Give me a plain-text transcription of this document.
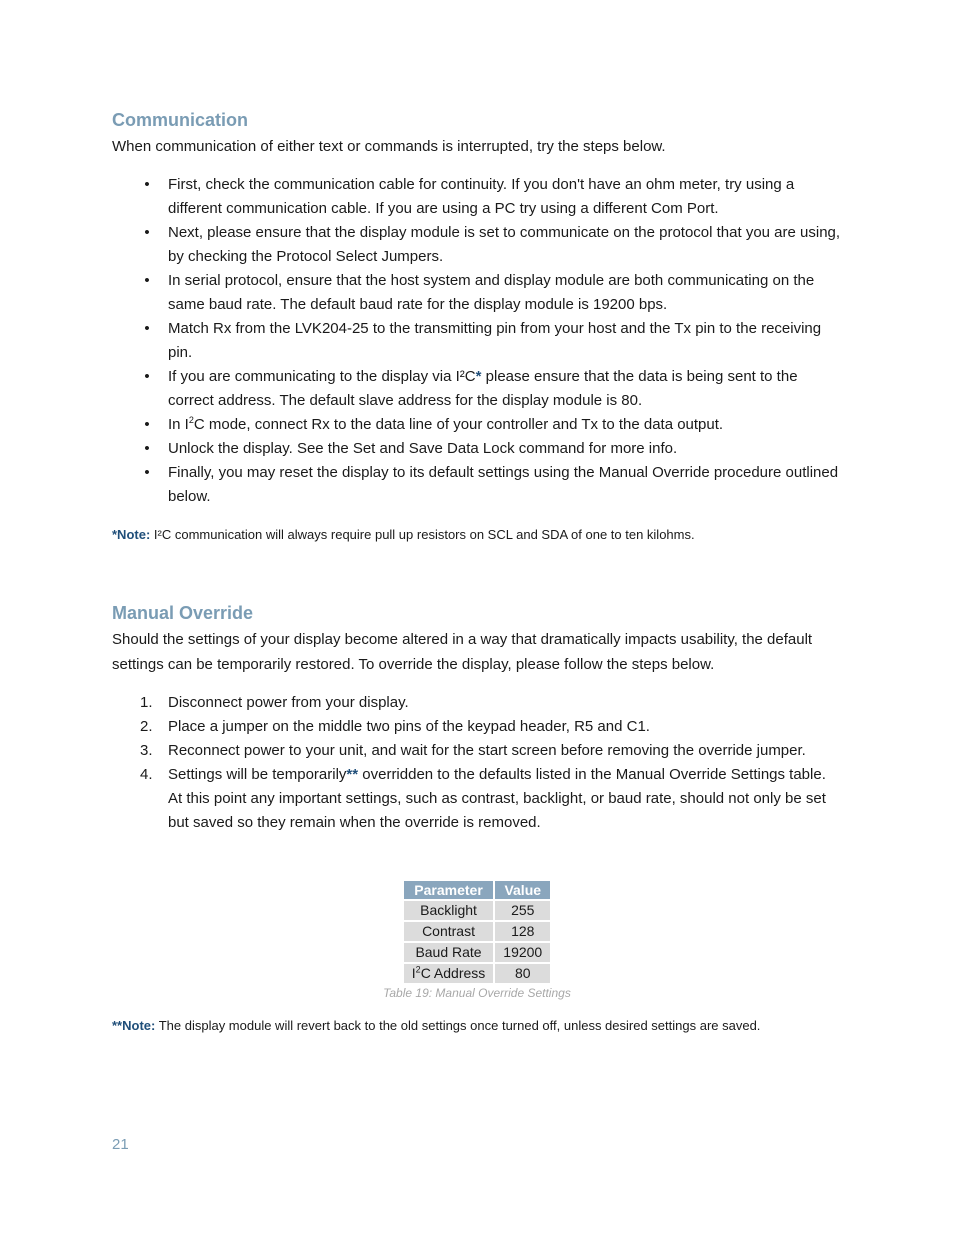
Communication

When communication of either text or commands is interrupted, try the steps below.

• First, check the communication cable for continuity. If you don't have an ohm meter, try using a different communication cable. If you are using a PC try using a different Com Port.
• Next, please ensure that the display module is set to communicate on the protocol that you are using, by checking the Protocol Select Jumpers.
• In serial protocol, ensure that the host system and display module are both communicating on the same baud rate. The default baud rate for the display module is 19200 bps.
• Match Rx from the LVK204-25 to the transmitting pin from your host and the Tx pin to the receiving pin.
• If you are communicating to the display via I²C* please ensure that the data is being sent to the correct address. The default slave address for the display module is 80.
• In $I^2C$ mode, connect Rx to the data line of your controller and Tx to the data output.
• Unlock the display. See the Set and Save Data Lock command for more info.
• Finally, you may reset the display to its default settings using the Manual Override procedure outlined below.
*Note: I²C communication will always require pull up resistors on SCL and SDA of one to ten kilohms.
Manual Override

Should the settings of your display become altered in a way that dramatically impacts usability, the default settings can be temporarily restored. To override the display, please follow the steps below.

1. Disconnect power from your display.
2. Place a jumper on the middle two pins of the keypad header, R5 and C1.
3. Reconnect power to your unit, and wait for the start screen before removing the override jumper.
4. Settings will be temporarily** overridden to the defaults listed in the Manual Override Settings table. At this point any important settings, such as contrast, backlight, or baud rate, should not only be set but saved so they remain when the override is removed.
Parameter	Value
Backlight	255
Contrast	128
Baud Rate	19200
$I^2C$ Address	80
Table 19: Manual Override Settings
**Note: The display module will revert back to the old settings once turned off, unless desired settings are saved.
21
